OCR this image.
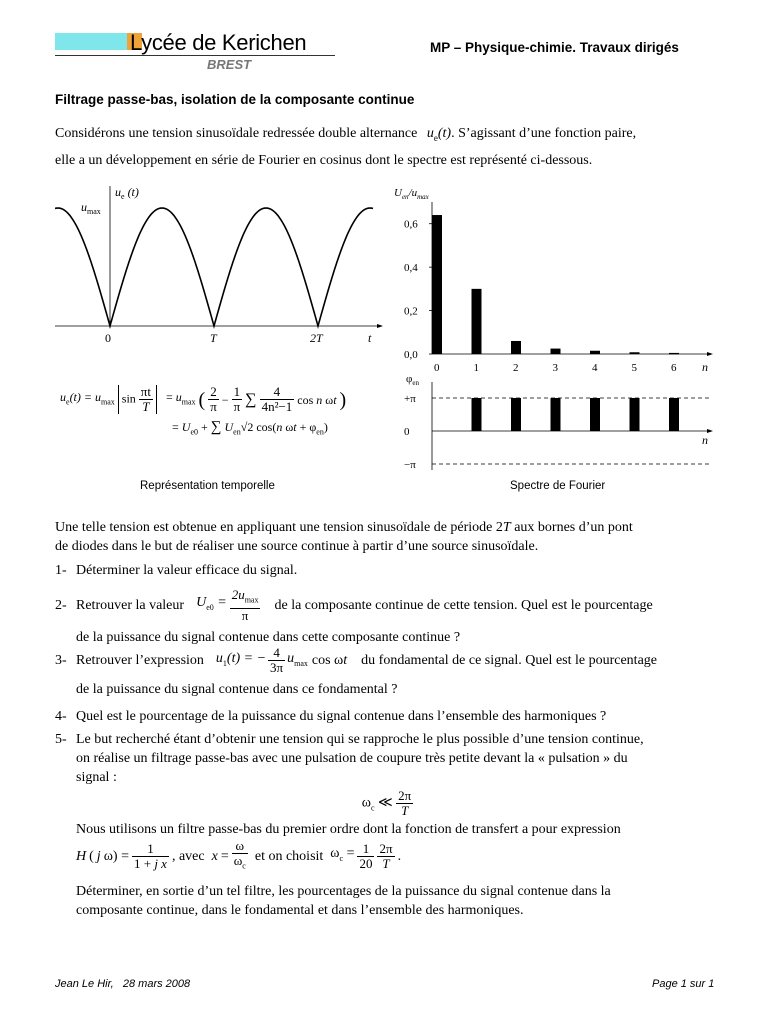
Lycée de Kerichen
BREST
MP – Physique-chimie. Travaux dirigés
Filtrage passe-bas, isolation de la composante continue
Considérons une tension sinusoïdale redressée double alternance $u_e(t)$. S’agissant d’une fonction paire,
elle a un développement en série de Fourier en cosinus dont le spectre est représenté ci-dessous.
$u_e$ (t)
$u_{max}$
0	T	2T	t
$u_e(t) = u_{max}$ $\sin \frac{\pi t}{T} = u_{max}$ ( $\frac{2}{\pi} - \frac{1}{\pi}$ ∑ $\frac{4}{\text{4n²−1}}$ cos n ωt )
= $U_{e0}$ + ∑ $U_{en}√2$ cos(n $\omega t + \varphi_{en}$)
Représentation temporelle
$U_{en}/u_{max}$
0,0
0,2
0,4
0,6
0	1	2	3	4	5	6 n
$\varphi_{en}$
+π
0
−π
n
Spectre de Fourier
Une telle tension est obtenue en appliquant une tension sinusoïdale de période 2T aux bornes d’un pont
de diodes dans le but de réaliser une source continue à partir d’une source sinusoïdale.
1- Déterminer la valeur efficace du signal.
2- Retrouver la valeur $U_{e0} = \frac{2u_{max}}{\pi}$ de la composante continue de cette tension. Quel est le pourcentage
de la puissance du signal contenue dans cette composante continue ?
3- Retrouver l’expression $u_1(t)$ = − $\frac{4}{3\pi} u_{max}$ cos ωt du fondamental de ce signal. Quel est le pourcentage
de la puissance du signal contenue dans ce fondamental ?
4- Quel est le pourcentage de la puissance du signal contenue dans l’ensemble des harmoniques ?
5- Le but recherché étant d’obtenir une tension qui se rapproche le plus possible d’une tension continue,
on réalise un filtrage passe-bas avec une pulsation de coupure très petite devant la « pulsation » du
signal :
$\omega_c$ ≪ $\frac{2\pi}{T}$
Nous utilisons un filtre passe-bas du premier ordre dont la fonction de transfert a pour expression
H ( j $\omega) = \frac{1}{\text{1 + j x}}$ , avec $x = \frac{\omega}{\omega_c}$ et on choisit $\omega_c = \frac{1}{20} \frac{2\pi}{T}$ .
Déterminer, en sortie d’un tel filtre, les pourcentages de la puissance du signal contenue dans la
composante continue, dans le fondamental et dans l’ensemble des harmoniques.
Jean Le Hir, 28 mars 2008	Page 1 sur 1
